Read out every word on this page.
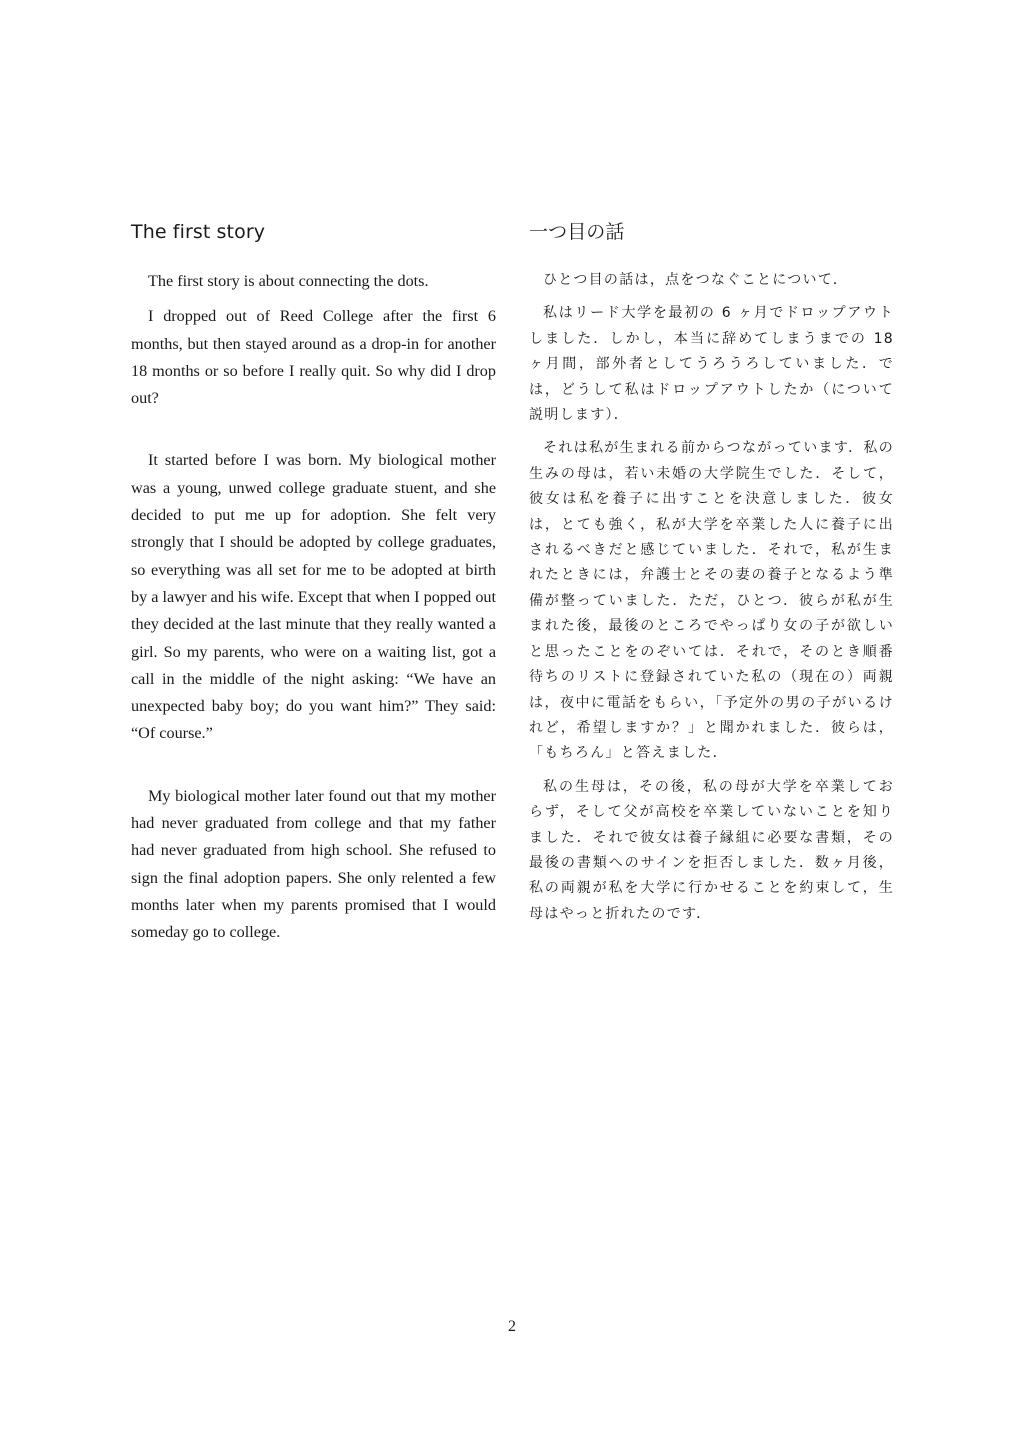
The first story

The first story is about connecting the dots.

I dropped out of Reed College after the first 6 months, but then stayed around as a drop-in for another 18 months or so before I really quit. So why did I drop out?

It started before I was born. My biological mother was a young, unwed college graduate stuent, and she decided to put me up for adoption. She felt very strongly that I should be adopted by college graduates, so everything was all set for me to be adopted at birth by a lawyer and his wife. Except that when I popped out they decided at the last minute that they really wanted a girl. So my parents, who were on a waiting list, got a call in the middle of the night asking: “We have an unexpected baby boy; do you want him?” They said: “Of course.”

My biological mother later found out that my mother had never graduated from college and that my father had never graduated from high school. She refused to sign the final adoption papers. She only relented a few months later when my parents promised that I would someday go to college.

一つ目の話

ひとつ目の話は，点をつなぐことについて．

私はリード大学を最初の 6 ヶ月でドロップアウトしました．しかし，本当に辞めてしまうまでの 18 ヶ月間，部外者としてうろうろしていました．では，どうして私はドロップアウトしたか（について説明します）．

それは私が生まれる前からつながっています．私の生みの母は，若い未婚の大学院生でした．そして，彼女は私を養子に出すことを決意しました．彼女は，とても強く，私が大学を卒業した人に養子に出されるべきだと感じていました．それで，私が生まれたときには，弁護士とその妻の養子となるよう準備が整っていました．ただ，ひとつ．彼らが私が生まれた後，最後のところでやっぱり女の子が欲しいと思ったことをのぞいては．それで，そのとき順番待ちのリストに登録されていた私の（現在の）両親は，夜中に電話をもらい，「予定外の男の子がいるけれど，希望しますか？」と聞かれました．彼らは，「もちろん」と答えました．

私の生母は，その後，私の母が大学を卒業しておらず，そして父が高校を卒業していないことを知りました．それで彼女は養子縁組に必要な書類，その最後の書類へのサインを拒否しました．数ヶ月後，私の両親が私を大学に行かせることを約束して，生母はやっと折れたのです．

2
